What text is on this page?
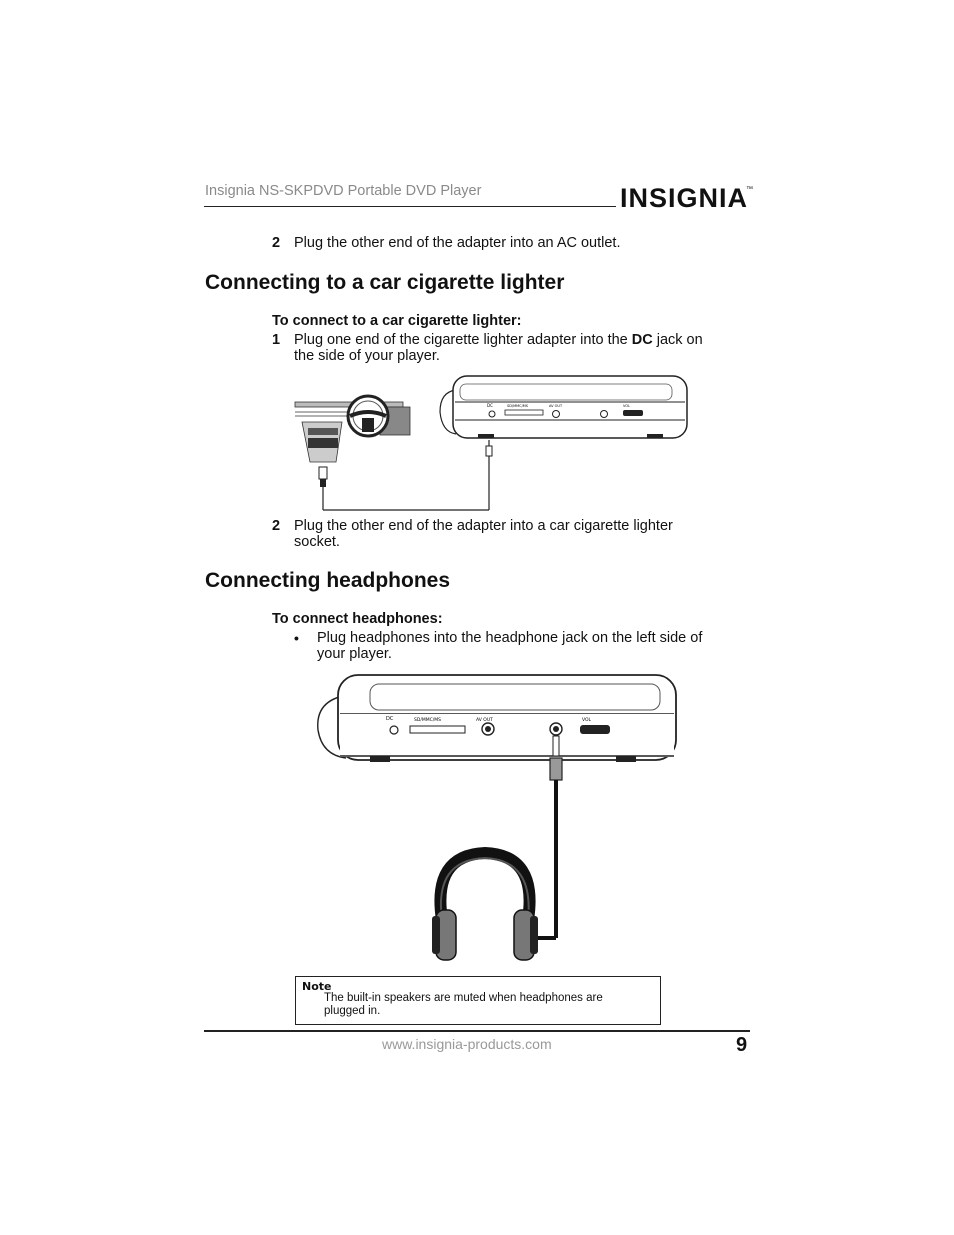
Insignia NS-SKPDVD Portable DVD Player	INSIGNIA
™
2 Plug the other end of the adapter into an AC outlet.
Connecting to a car cigarette lighter
To connect to a car cigarette lighter:
1 Plug one end of the cigarette lighter adapter into the DC jack on
the side of your player.
DC	SD/MMC/MS	AV OUT	VOL
2 Plug the other end of the adapter into a car cigarette lighter
socket.
Connecting headphones
To connect headphones:
• Plug headphones into the headphone jack on the left side of
your player.
DC	SD/MMC/MS	AV OUT	VOL
Note
The built-in speakers are muted when headphones are
plugged in.
www.insignia-products.com	9
